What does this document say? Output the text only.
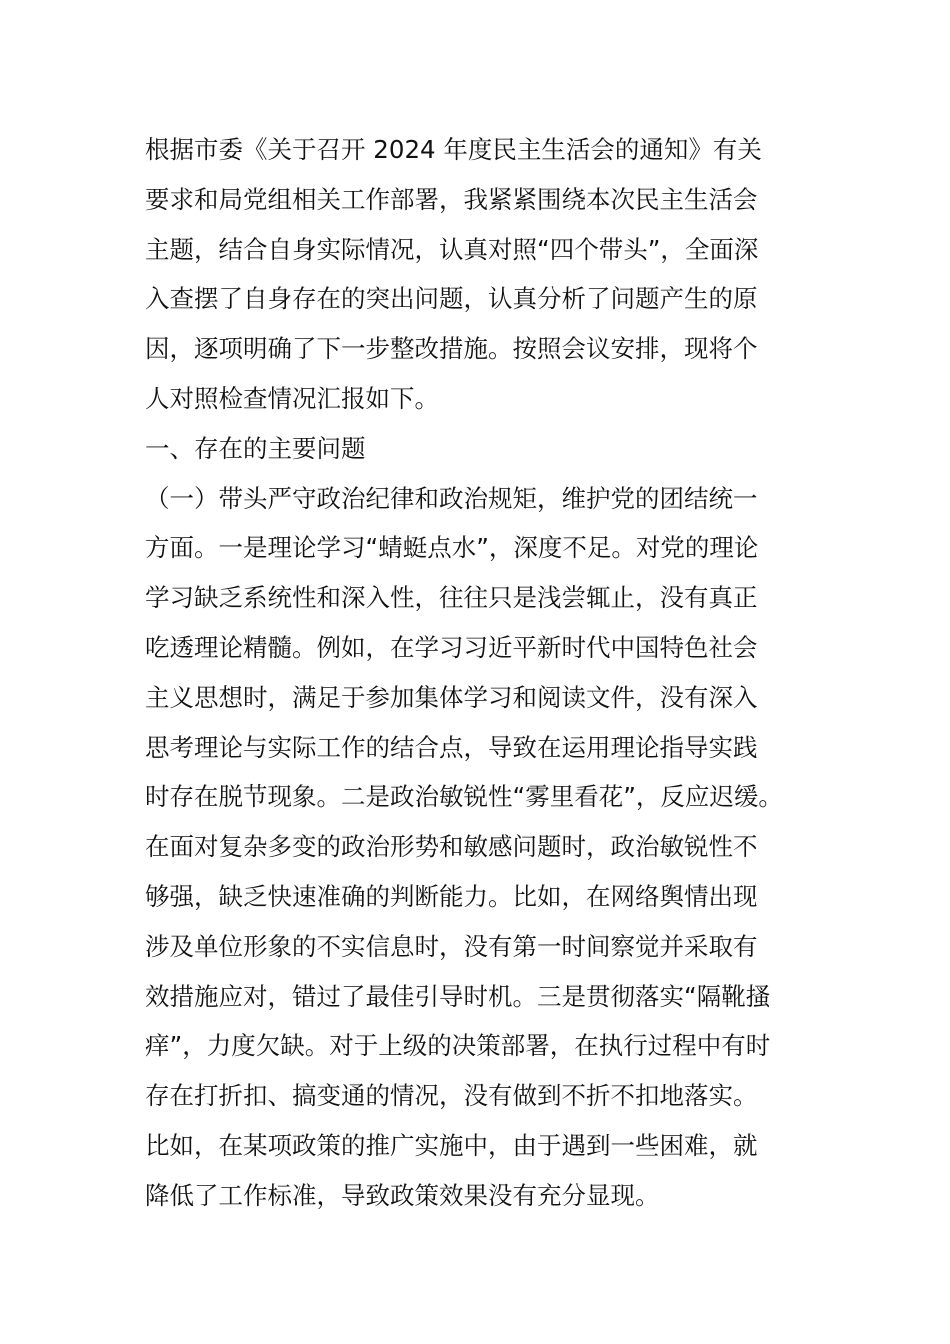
根据市委《关于召开 2024 年度民主生活会的通知》有关
要求和局党组相关工作部署，我紧紧围绕本次民主生活会
主题，结合自身实际情况，认真对照“四个带头”，全面深
入查摆了自身存在的突出问题，认真分析了问题产生的原
因，逐项明确了下一步整改措施。按照会议安排，现将个
人对照检查情况汇报如下。
一、存在的主要问题
（一）带头严守政治纪律和政治规矩，维护党的团结统一
方面。一是理论学习“蜻蜓点水”，深度不足。对党的理论
学习缺乏系统性和深入性，往往只是浅尝辄止，没有真正
吃透理论精髓。例如，在学习习近平新时代中国特色社会
主义思想时，满足于参加集体学习和阅读文件，没有深入
思考理论与实际工作的结合点，导致在运用理论指导实践
时存在脱节现象。二是政治敏锐性“雾里看花”，反应迟缓。
在面对复杂多变的政治形势和敏感问题时，政治敏锐性不
够强，缺乏快速准确的判断能力。比如，在网络舆情出现
涉及单位形象的不实信息时，没有第一时间察觉并采取有
效措施应对，错过了最佳引导时机。三是贯彻落实“隔靴搔
痒”，力度欠缺。对于上级的决策部署，在执行过程中有时
存在打折扣、搞变通的情况，没有做到不折不扣地落实。
比如，在某项政策的推广实施中，由于遇到一些困难，就
降低了工作标准，导致政策效果没有充分显现。
